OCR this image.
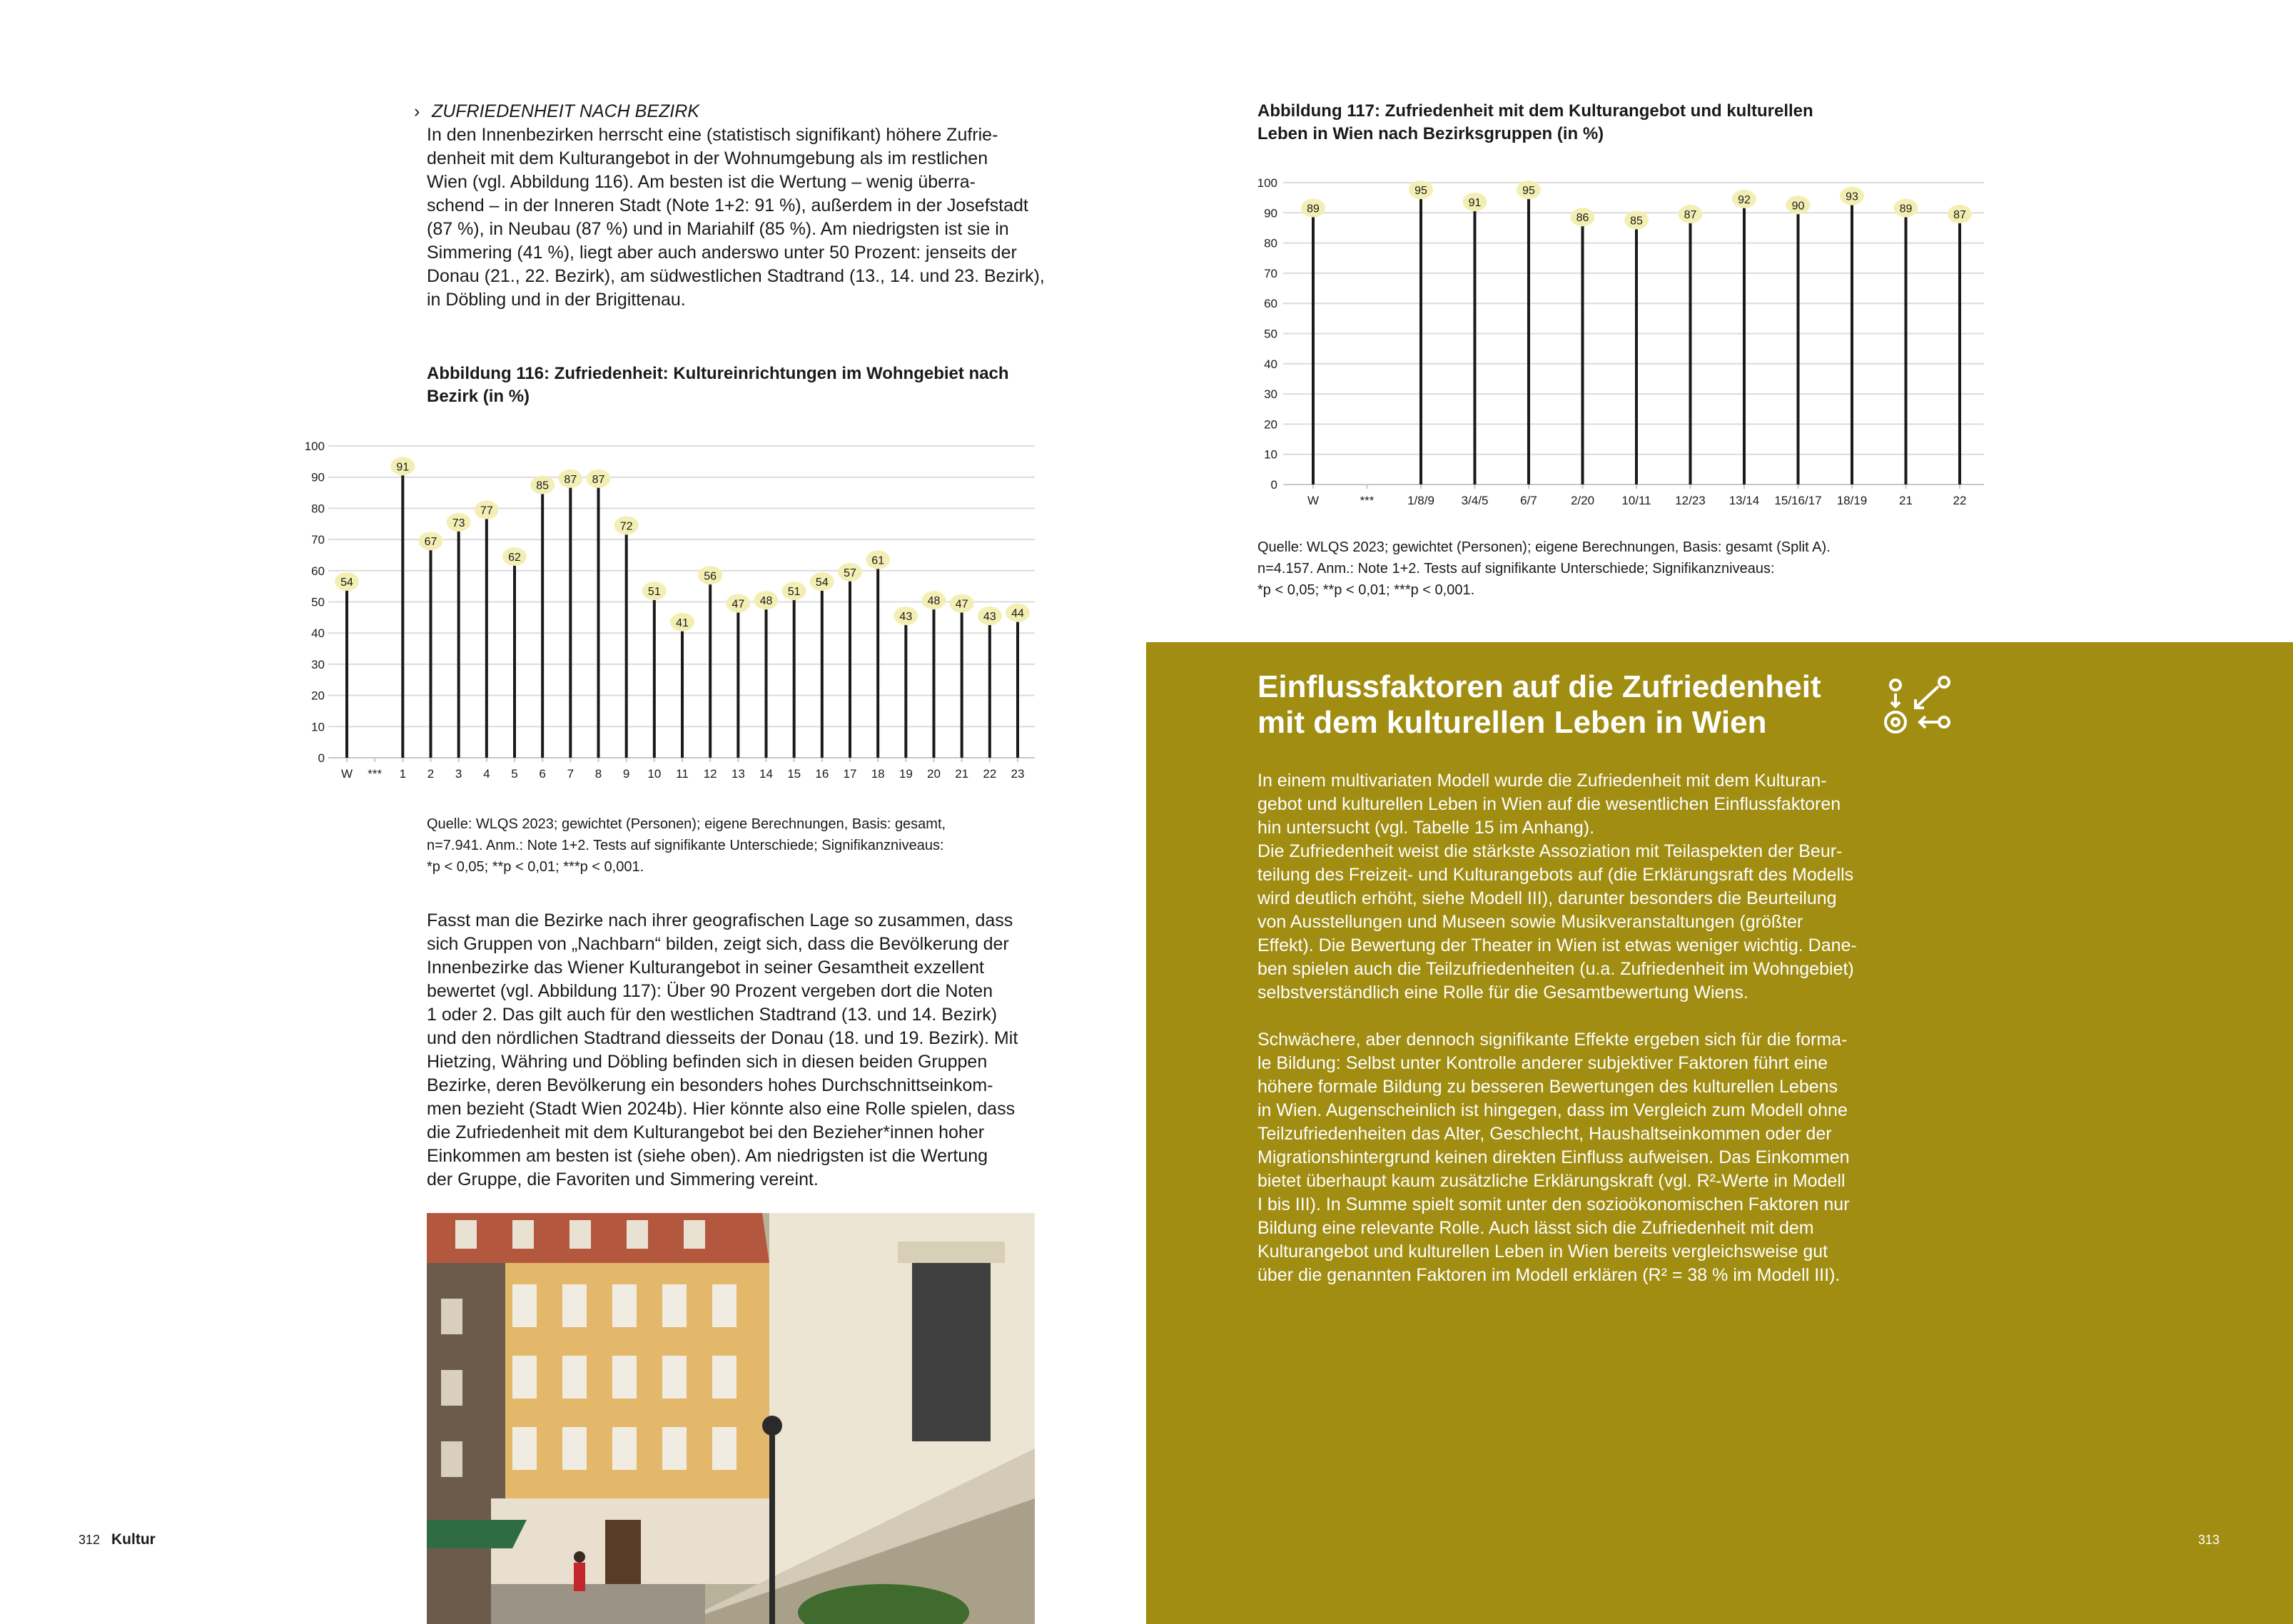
› ZUFRIEDENHEIT NACH BEZIRK

In den Innenbezirken herrscht eine (statistisch signifikant) höhere Zufrie-

denheit mit dem Kulturangebot in der Wohnumgebung als im restlichen

Wien (vgl. Abbildung 116). Am besten ist die Wertung – wenig überra-

schend – in der Inneren Stadt (Note 1+2: 91 %), außerdem in der Josefstadt

(87 %), in Neubau (87 %) und in Mariahilf (85 %). Am niedrigsten ist sie in

Simmering (41 %), liegt aber auch anderswo unter 50 Prozent: jenseits der

Donau (21., 22. Bezirk), am südwestlichen Stadtrand (13., 14. und 23. Bezirk),

in Döbling und in der Brigittenau.

Abbildung 116: Zufriedenheit: Kultureinrichtungen im Wohngebiet nach
Bezirk (in %)
0
10
20
30
40
50
60
70
80
90
100
W
54
*** 1
91
2
67
3
73
4
77
5
62
6
85
7
87
8
87
9
72
10
51
11
41
12
56
13
47
14
48
15
51
16
54
17
57
18
61
19
43
20
48
21
47
22
43
23
44
Quelle: WLQS 2023; gewichtet (Personen); eigene Berechnungen, Basis: gesamt,
n=7.941. Anm.: Note 1+2. Tests auf signifikante Unterschiede; Signifikanzniveaus:
*p < 0,05; **p < 0,01; ***p < 0,001.

Fasst man die Bezirke nach ihrer geografischen Lage so zusammen, dass

sich Gruppen von „Nachbarn“ bilden, zeigt sich, dass die Bevölkerung der

Innenbezirke das Wiener Kulturangebot in seiner Gesamtheit exzellent

bewertet (vgl. Abbildung 117): Über 90 Prozent vergeben dort die Noten

1 oder 2. Das gilt auch für den westlichen Stadtrand (13. und 14. Bezirk)

und den nördlichen Stadtrand diesseits der Donau (18. und 19. Bezirk). Mit

Hietzing, Währing und Döbling befinden sich in diesen beiden Gruppen

Bezirke, deren Bevölkerung ein besonders hohes Durchschnittseinkom-

men bezieht (Stadt Wien 2024b). Hier könnte also eine Rolle spielen, dass

die Zufriedenheit mit dem Kulturangebot bei den Bezieher*innen hoher

Einkommen am besten ist (siehe oben). Am niedrigsten ist die Wertung

der Gruppe, die Favoriten und Simmering vereint.

312 Kultur
Abbildung 117: Zufriedenheit mit dem Kulturangebot und kulturellen
Leben in Wien nach Bezirksgruppen (in %)
0
10
20
30
40
50
60
70
80
90
100
W
89
***	1/8/9
95
3/4/5
91
6/7
95
2/20
86
10/11
85
12/23
87
13/14
92
15/16/17
90
18/19
93
21
89
22
87
Quelle: WLQS 2023; gewichtet (Personen); eigene Berechnungen, Basis: gesamt (Split A).
n=4.157. Anm.: Note 1+2. Tests auf signifikante Unterschiede; Signifikanzniveaus:
*p < 0,05; **p < 0,01; ***p < 0,001.
Einflussfaktoren auf die Zufriedenheit
mit dem kulturellen Leben in Wien

In einem multivariaten Modell wurde die Zufriedenheit mit dem Kulturan-

gebot und kulturellen Leben in Wien auf die wesentlichen Einflussfaktoren

hin untersucht (vgl. Tabelle 15 im Anhang).

Die Zufriedenheit weist die stärkste Assoziation mit Teilaspekten der Beur-

teilung des Freizeit- und Kulturangebots auf (die Erklärungsraft des Modells

wird deutlich erhöht, siehe Modell III), darunter besonders die Beurteilung

von Ausstellungen und Museen sowie Musikveranstaltungen (größter

Effekt). Die Bewertung der Theater in Wien ist etwas weniger wichtig. Dane-

ben spielen auch die Teilzufriedenheiten (u.a. Zufriedenheit im Wohngebiet)

selbstverständlich eine Rolle für die Gesamtbewertung Wiens.

Schwächere, aber dennoch signifikante Effekte ergeben sich für die forma-

le Bildung: Selbst unter Kontrolle anderer subjektiver Faktoren führt eine

höhere formale Bildung zu besseren Bewertungen des kulturellen Lebens

in Wien. Augenscheinlich ist hingegen, dass im Vergleich zum Modell ohne

Teilzufriedenheiten das Alter, Geschlecht, Haushaltseinkommen oder der

Migrationshintergrund keinen direkten Einfluss aufweisen. Das Einkommen

bietet überhaupt kaum zusätzliche Erklärungskraft (vgl. R²-Werte in Modell

I bis III). In Summe spielt somit unter den sozioökonomischen Faktoren nur

Bildung eine relevante Rolle. Auch lässt sich die Zufriedenheit mit dem

Kulturangebot und kulturellen Leben in Wien bereits vergleichsweise gut

über die genannten Faktoren im Modell erklären (R² = 38 % im Modell III).

313
